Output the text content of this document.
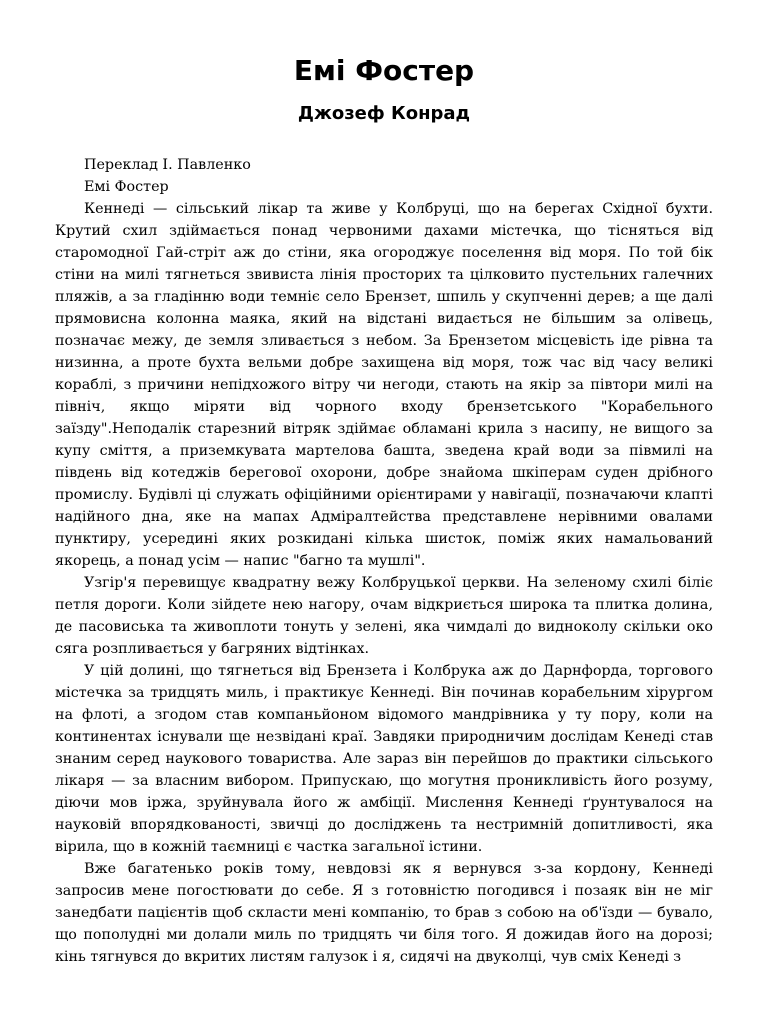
Емі Фостер
Джозеф Конрад

Переклад І. Павленко

Емі Фостер

Кеннеді — сільський лікар та живе у Колбруці, що на берегах Східної бухти. Крутий схил здіймається понад червоними дахами містечка, що тісняться від старомодної Гай-стріт аж до стіни, яка огороджує поселення від моря. По той бік стіни на милі тягнеться звивиста лінія просторих та цілковито пустельних галечних пляжів, а за гладінню води темніє село Брензет, шпиль у скупченні дерев; а ще далі прямовисна колонна маяка, який на відстані видається не більшим за олівець, позначає межу, де земля зливається з небом. За Брензетом місцевість іде рівна та низинна, а проте бухта вельми добре захищена від моря, тож час від часу великі кораблі, з причини непідхожого вітру чи негоди, стають на якір за півтори милі на північ, якщо міряти від чорного входу брензетського "Корабельного заїзду".Неподалік старезний вітряк здіймає обламані крила з насипу, не вищого за купу сміття, а приземкувата мартелова башта, зведена край води за півмилі на південь від котеджів берегової охорони, добре знайома шкіперам суден дрібного промислу. Будівлі ці служать офіційними орієнтирами у навігації, позначаючи клапті надійного дна, яке на мапах Адміралтейства представлене нерівними овалами пунктиру, усередині яких розкидані кілька шисток, поміж яких намальований якорець, а понад усім — напис "багно та мушлі".

Узгір'я перевищує квадратну вежу Колбруцької церкви. На зеленому схилі біліє петля дороги. Коли зійдете нею нагору, очам відкриється широка та плитка долина, де пасовиська та живоплоти тонуть у зелені, яка чимдалі до видноколу скільки око сяга розпливається у багряних відтінках.

У цій долині, що тягнеться від Брензета і Колбрука аж до Дарнфорда, торгового містечка за тридцять миль, і практикує Кеннеді. Він починав корабельним хірургом на флоті, а згодом став компаньйоном відомого мандрівника у ту пору, коли на континентах існували ще незвідані краї. Завдяки природничим дослідам Кенеді став знаним серед наукового товариства. Але зараз він перейшов до практики сільського лікаря — за власним вибором. Припускаю, що могутня проникливість його розуму, діючи мов іржа, зруйнувала його ж амбіції. Мислення Кеннеді ґрунтувалося на науковій впорядкованості, звичці до досліджень та нестримній допитливості, яка вірила, що в кожній таємниці є частка загальної істини.

Вже багатенько років тому, невдовзі як я вернувся з-за кордону, Кеннеді запросив мене погостювати до себе. Я з готовністю погодився і позаяк він не міг занедбати пацієнтів щоб скласти мені компанію, то брав з собою на об'їзди — бувало, що пополудні ми долали миль по тридцять чи біля того. Я дожидав його на дорозі; кінь тягнувся до вкритих листям галузок і я, сидячі на двуколці, чув сміх Кенеді з
